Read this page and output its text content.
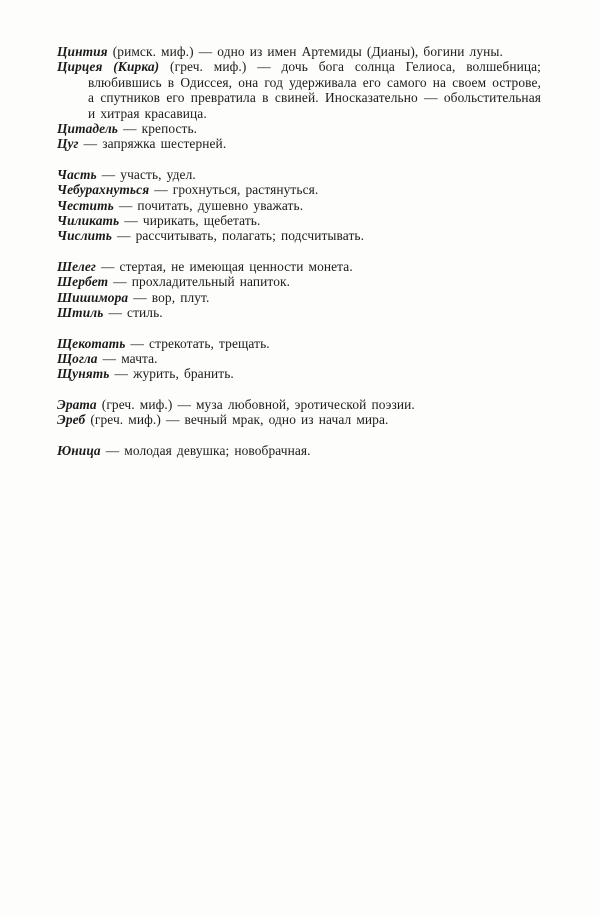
Цинтия (римск. миф.) — одно из имен Артемиды (Дианы), богини луны.

Цирцея (Кирка) (греч. миф.) — дочь бога солнца Гелиоса, волшебница; влюбившись в Одиссея, она год удерживала его самого на своем острове, а спутников его превратила в свиней. Иносказательно — обольстительная и хитрая красавица.

Цитадель — крепость.

Цуг — запряжка шестерней.

Часть — участь, удел.

Чебурахнуться — грохнуться, растянуться.

Честить — почитать, душевно уважать.

Чиликать — чирикать, щебетать.

Числить — рассчитывать, полагать; подсчитывать.

Шелег — стертая, не имеющая ценности монета.

Шербет — прохладительный напиток.

Шишимора — вор, плут.

Штиль — стиль.

Щекотать — стрекотать, трещать.

Щогла — мачта.

Щунять — журить, бранить.

Эрата (греч. миф.) — муза любовной, эротической поэзии.

Эреб (греч. миф.) — вечный мрак, одно из начал мира.

Юница — молодая девушка; новобрачная.
